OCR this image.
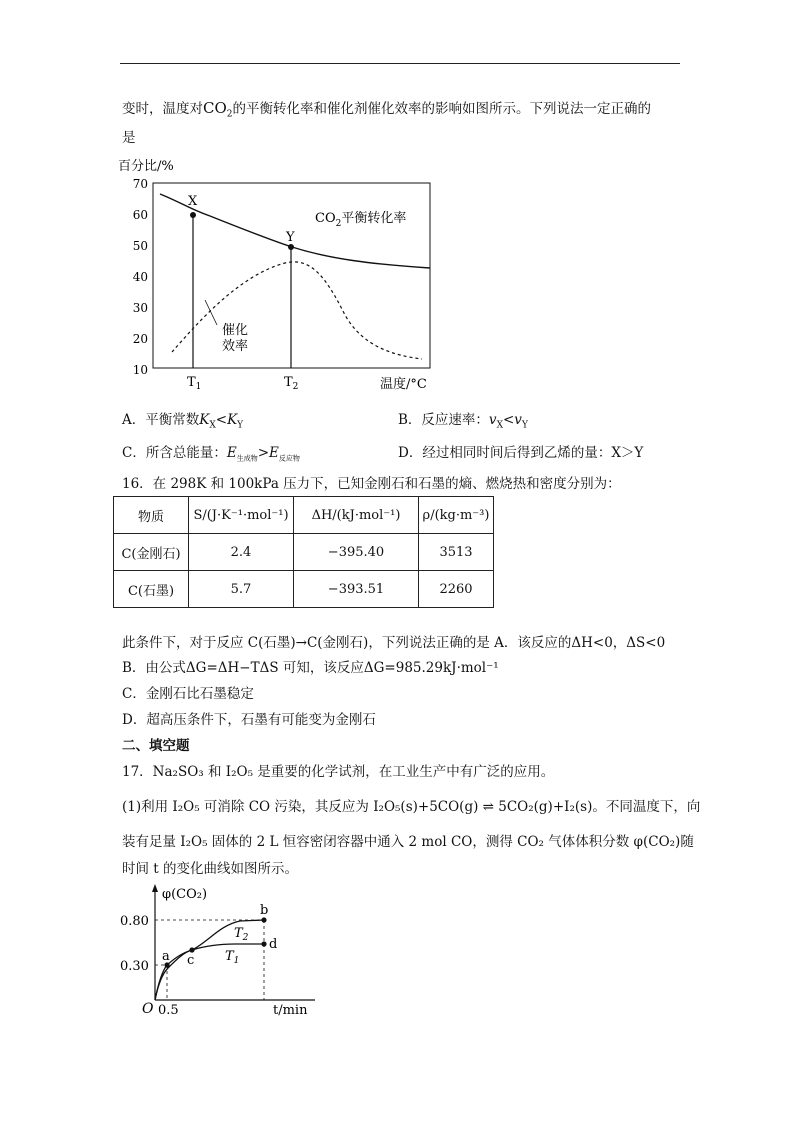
变时，温度对$CO_2$的平衡转化率和催化剂催化效率的影响如图所示。下列说法一定正确的
是
百分比/%
70
60
50
40
30
20
10
X
Y
$CO_2$平衡转化率
催化
效率
$T_1$	$T_2$	温度/°C
A．平衡常数$K_X<K_Y$	B．反应速率：$v_X<v_Y$
C．所含总能量：$E_{生成物}>E_{反应物}$	D．经过相同时间后得到乙烯的量：X＞Y
16．在 298K 和 100kPa 压力下，已知金刚石和石墨的熵、燃烧热和密度分别为：
物质	S/(J·K⁻¹·mol⁻¹)	ΔH/(kJ·mol⁻¹)	ρ/(kg·m⁻³)
C(金刚石)	2.4	−395.40	3513
C(石墨)	5.7	−393.51	2260
此条件下，对于反应 C(石墨)→C(金刚石)，下列说法正确的是 A．该反应的ΔH<0，ΔS<0
B．由公式ΔG=ΔH−TΔS 可知，该反应ΔG=985.29kJ·mol⁻¹
C．金刚石比石墨稳定
D．超高压条件下，石墨有可能变为金刚石
二、填空题
17．Na₂SO₃ 和 I₂O₅ 是重要的化学试剂，在工业生产中有广泛的应用。
(1)利用 I₂O₅ 可消除 CO 污染，其反应为 I₂O₅(s)+5CO(g) ⇌ 5CO₂(g)+I₂(s)。不同温度下，向
装有足量 I₂O₅ 固体的 2 L 恒容密闭容器中通入 2 mol CO，测得 CO₂ 气体体积分数 φ(CO₂)随
时间 t 的变化曲线如图所示。
φ(CO₂)
0.80
0.30
O 0.5	t/min
a c
b
d
$T_2$
$T_1$
